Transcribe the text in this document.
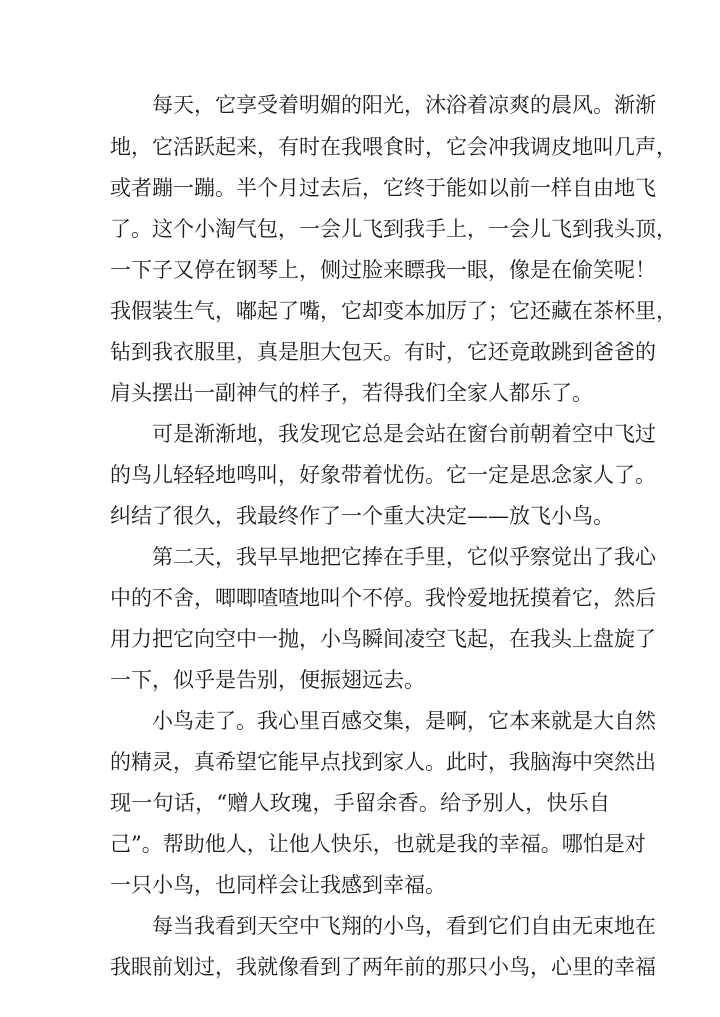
每天，它享受着明媚的阳光，沐浴着凉爽的晨风。渐渐
地，它活跃起来，有时在我喂食时，它会冲我调皮地叫几声，
或者蹦一蹦。半个月过去后，它终于能如以前一样自由地飞
了。这个小淘气包，一会儿飞到我手上，一会儿飞到我头顶，
一下子又停在钢琴上，侧过脸来瞟我一眼，像是在偷笑呢！
我假装生气，嘟起了嘴，它却变本加厉了；它还藏在茶杯里，
钻到我衣服里，真是胆大包天。有时，它还竟敢跳到爸爸的
肩头摆出一副神气的样子，若得我们全家人都乐了。
可是渐渐地，我发现它总是会站在窗台前朝着空中飞过
的鸟儿轻轻地鸣叫，好象带着忧伤。它一定是思念家人了。
纠结了很久，我最终作了一个重大决定——放飞小鸟。
第二天，我早早地把它捧在手里，它似乎察觉出了我心
中的不舍，唧唧喳喳地叫个不停。我怜爱地抚摸着它，然后
用力把它向空中一抛，小鸟瞬间凌空飞起，在我头上盘旋了
一下，似乎是告别，便振翅远去。
小鸟走了。我心里百感交集，是啊，它本来就是大自然
的精灵，真希望它能早点找到家人。此时，我脑海中突然出
现一句话，“赠人玫瑰，手留余香。给予别人，快乐自
己”。帮助他人，让他人快乐，也就是我的幸福。哪怕是对
一只小鸟，也同样会让我感到幸福。
每当我看到天空中飞翔的小鸟，看到它们自由无束地在
我眼前划过，我就像看到了两年前的那只小鸟，心里的幸福
